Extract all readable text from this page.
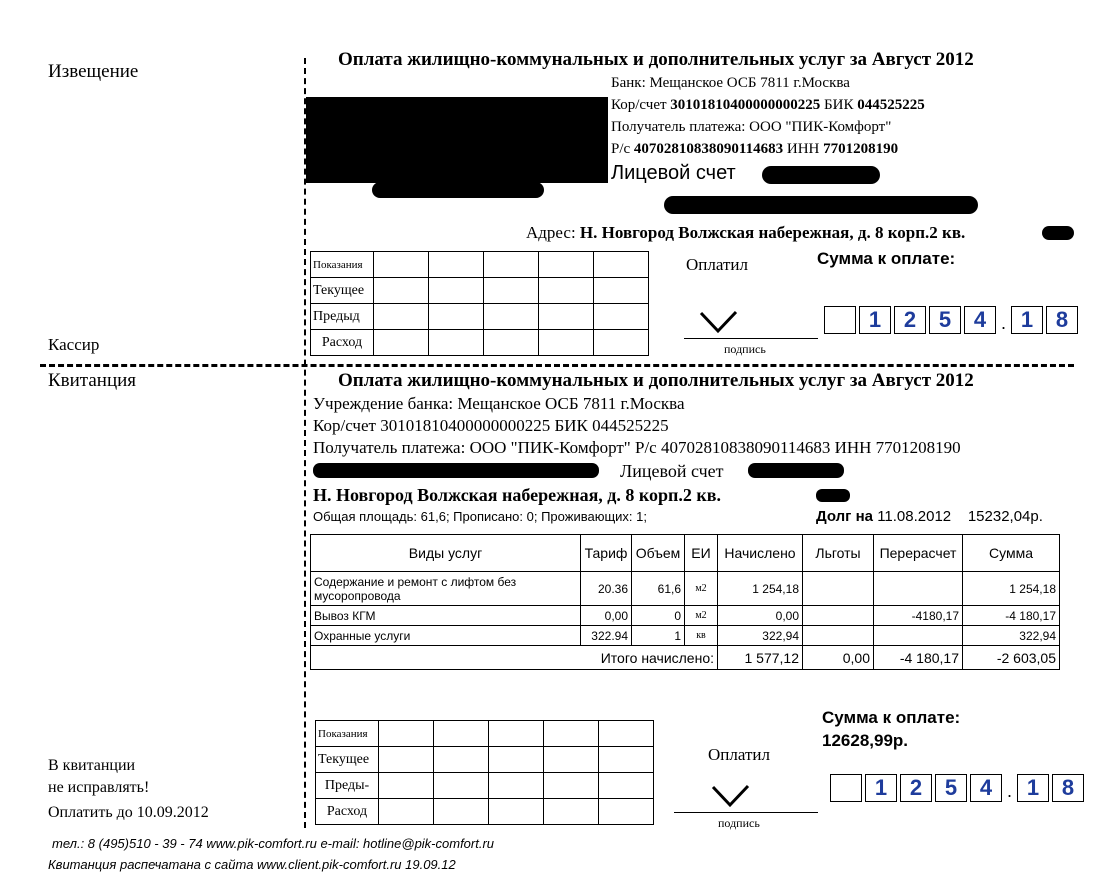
Извещение
Кассир
Оплата жилищно-коммунальных и дополнительных услуг за Август 2012
Банк: Мещанское ОСБ 7811 г.Москва
Кор/счет 30101810400000000225 БИК 044525225
Получатель платежа: ООО "ПИК-Комфорт"
Р/с 40702810838090114683 ИНН 7701208190
Лицевой счет
Адрес: Н. Новгород Волжская набережная, д. 8 корп.2 кв.
Показания					
Текущее					
Предыд					
Расход					
Оплатил
подпись
Сумма к оплате:
1	2	5	4 . 1	8
Квитанция	Оплата жилищно-коммунальных и дополнительных услуг за Август 2012
Учреждение банка: Мещанское ОСБ 7811 г.Москва
Кор/счет 30101810400000000225 БИК 044525225
Получатель платежа: ООО "ПИК-Комфорт" Р/с 40702810838090114683 ИНН 7701208190
Лицевой счет
Н. Новгород Волжская набережная, д. 8 корп.2 кв.
Общая площадь: 61,6; Прописано: 0; Проживающих: 1;	Долг на 11.08.2012 15232,04р.
Виды услуг	Тариф	Объем	ЕИ	Начислено	Льготы	Перерасчет	Сумма
Содержание и ремонт с лифтом без мусоропровода	20.36	61,6	м2	1 254,18			1 254,18
Вывоз КГМ	0,00	0	м2	0,00		-4180,17	-4 180,17
Охранные услуги	322.94	1	кв	322,94			322,94
Итого начислено:				1 577,12	0,00	-4 180,17	-2 603,05
Сумма к оплате:
12628,99р.
Показания					
Текущее					
Преды-					
Расход					
Оплатил
подпись
1	2	5	4 . 1	8
В квитанции
не исправлять!
Оплатить до 10.09.2012
тел.: 8 (495)510 - 39 - 74 www.pik-comfort.ru e-mail: hotline@pik-comfort.ru
Квитанция распечатана с сайта www.client.pik-comfort.ru 19.09.12
